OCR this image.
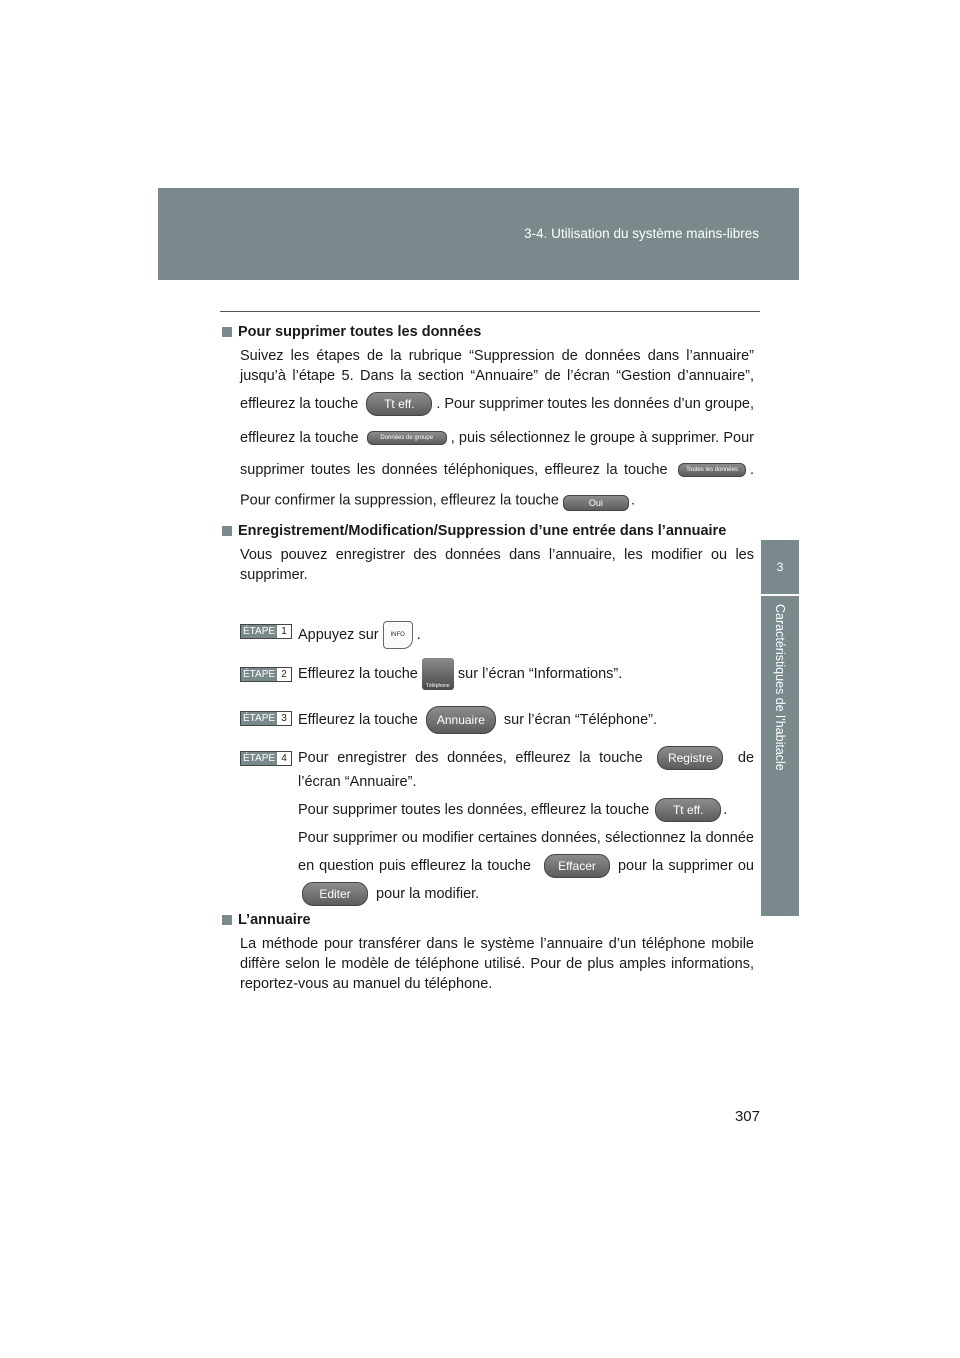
3-4. Utilisation du système mains-libres
3
Caractéristiques de l’habitacle
Pour supprimer toutes les données
Suivez les étapes de la rubrique “Suppression de données dans l’annuaire” jusqu’à l’étape 5. Dans la section “Annuaire” de l’écran “Gestion d’annuaire”, effleurez la touche Tt eff. . Pour supprimer toutes les données d’un groupe, effleurez la touche	Données de groupe , puis sélectionnez le groupe à supprimer. Pour supprimer toutes les données téléphoniques, effleurez la touche	Toutes les données . Pour confirmer la suppression, effleurez la touche	Oui .
Enregistrement/Modification/Suppression d’une entrée dans l’annuaire
Vous pouvez enregistrer des données dans l’annuaire, les modifier ou les supprimer.
ÉTAPE 1 Appuyez sur INFO .
ÉTAPE 2 Effleurez la touche Téléphone sur l’écran “Informations”.
ÉTAPE 3 Effleurez la touche Annuaire sur l’écran “Téléphone”.
ÉTAPE 4 Pour enregistrer des données, effleurez la touche Registre de l’écran “Annuaire”.
Pour supprimer toutes les données, effleurez la touche Tt eff. .
Pour supprimer ou modifier certaines données, sélectionnez la donnée en question puis effleurez la touche Effacer pour la supprimer ou Editer pour la modifier.
L’annuaire
La méthode pour transférer dans le système l’annuaire d’un téléphone mobile diffère selon le modèle de téléphone utilisé. Pour de plus amples informations, reportez-vous au manuel du téléphone.
307
